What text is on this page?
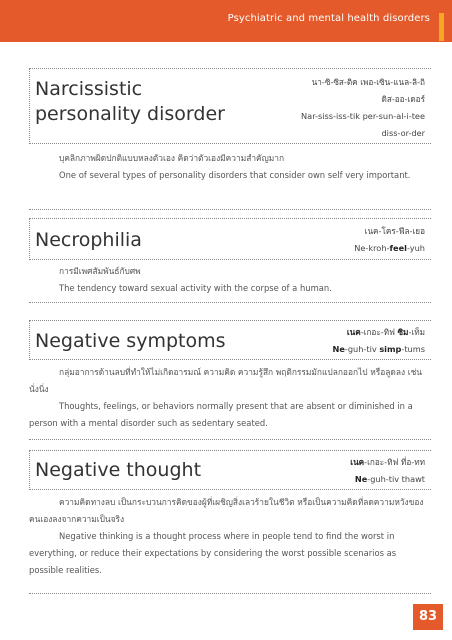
Psychiatric and mental health disorders
Narcissistic
personality disorder
นา-ซิ-ซิส-ติค เพอ-เซิน-แนล-ลิ-ถิ
ดิส-ออ-เดอร์
Nar-siss-iss-tik per-sun-al-i-tee
diss-or-der

บุคลิกภาพผิดปกติแบบหลงตัวเอง คิดว่าตัวเองมีความสำคัญมาก

One of several types of personality disorders that consider own self very important.

Necrophilia	เนค-โคร-ฟีล-เยอ
Ne-kroh-feel-yuh

การมีเพศสัมพันธ์กับศพ

The tendency toward sexual activity with the corpse of a human.

Negative symptoms	เนค-เกอะ-ทิฟ ซิม-เท็ม
Ne-guh-tiv simp-tums

กลุ่มอาการด้านลบที่ทำให้ไม่เกิดอารมณ์ ความคิด ความรู้สึก พฤติกรรมมักแปลกออกไป หรือลูดลง เช่น นั่งนิ่ง

Thoughts, feelings, or behaviors normally present that are absent or diminished in a person with a mental disorder such as sedentary seated.

Negative thought	เนค-เกอะ-ทิฟ ที่อ-ทท
Ne-guh-tiv thawt

ความคิดทางลบ เป็นกระบวนการคิดของผู้ที่เผชิญสิ่งเลวร้ายในชีวิต หรือเป็นความคิดที่ลดความหวังของคนเองลงจากความเป็นจริง

Negative thinking is a thought process where in people tend to find the worst in everything, or reduce their expectations by considering the worst possible scenarios as possible realities.

83
